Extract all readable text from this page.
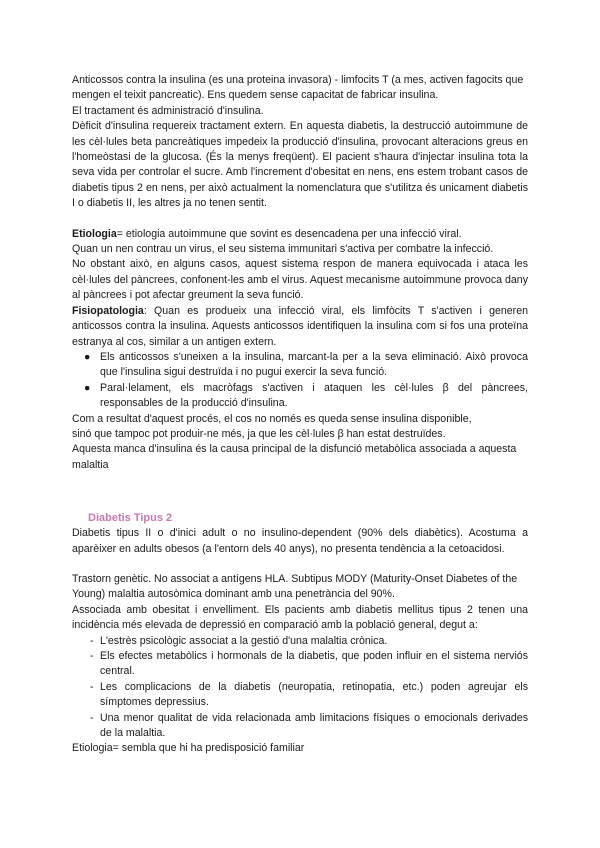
Anticossos contra la insulina (es una proteina invasora) - limfocits T (a mes, activen fagocits que mengen el teixit pancreatic). Ens quedem sense capacitat de fabricar insulina.

El tractament és administració d'insulina.

Dèficit d'insulina requereix tractament extern. En aquesta diabetis, la destrucció autoimmune de les cèl·lules beta pancreàtiques impedeix la producció d'insulina, provocant alteracions greus en l'homeòstasi de la glucosa. (És la menys freqüent). El pacient s'haura d'injectar insulina tota la seva vida per controlar el sucre. Amb l'increment d'obesitat en nens, ens estem trobant casos de diabetis tipus 2 en nens, per això actualment la nomenclatura que s'utilitza és unicament diabetis I o diabetis II, les altres ja no tenen sentit.

Etiologia= etiologia autoimmune que sovint es desencadena per una infecció viral.

Quan un nen contrau un virus, el seu sistema immunitari s'activa per combatre la infecció.

No obstant això, en alguns casos, aquest sistema respon de manera equivocada i ataca les cèl·lules del pàncrees, confonent-les amb el virus. Aquest mecanisme autoimmune provoca dany al pàncrees i pot afectar greument la seva funció.

Fisiopatologia: Quan es produeix una infecció viral, els limfòcits T s'activen i generen anticossos contra la insulina. Aquests anticossos identifiquen la insulina com si fos una proteïna estranya al cos, similar a un antigen extern.

● Els anticossos s'uneixen a la insulina, marcant-la per a la seva eliminació. Això provoca que l'insulina sigui destruïda i no pugui exercir la seva funció.
● Paral·lelament, els macròfags s'activen i ataquen les cèl·lules β del pàncrees, responsables de la producció d'insulina.

Com a resultat d'aquest procés, el cos no només es queda sense insulina disponible,

sinó que tampoc pot produir-ne més, ja que les cèl·lules β han estat destruïdes.

Aquesta manca d'insulina és la causa principal de la disfunció metabòlica associada a aquesta malaltia

Diabetis Tipus 2

Diabetis tipus II o d'inici adult o no insulino-dependent (90% dels diabètics). Acostuma a aparèixer en adults obesos (a l'entorn dels 40 anys), no presenta tendència a la cetoacidosi.

Trastorn genètic. No associat a antígens HLA. Subtipus MODY (Maturity-Onset Diabetes of the Young) malaltia autosòmica dominant amb una penetrància del 90%.

Associada amb obesitat i envelliment. Els pacients amb diabetis mellitus tipus 2 tenen una incidència més elevada de depressió en comparació amb la població general, degut a:

- L'estrès psicològic associat a la gestió d'una malaltia crònica.
- Els efectes metabòlics i hormonals de la diabetis, que poden influir en el sistema nerviós central.
- Les complicacions de la diabetis (neuropatia, retinopatia, etc.) poden agreujar els símptomes depressius.
- Una menor qualitat de vida relacionada amb limitacions físiques o emocionals derivades de la malaltia.

Etiologia= sembla que hi ha predisposició familiar
